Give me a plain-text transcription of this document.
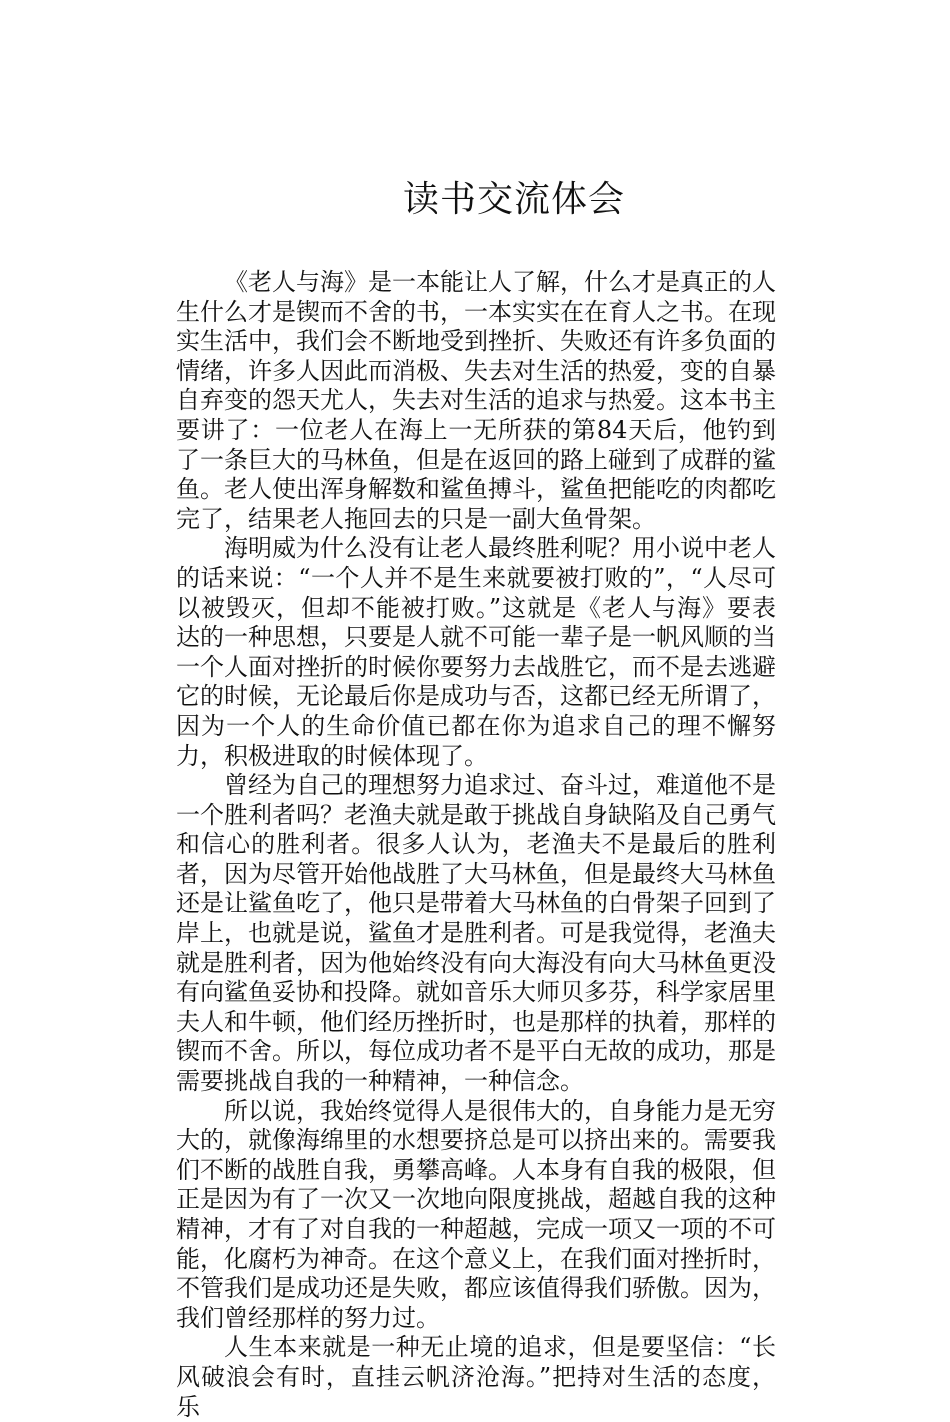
读书交流体会

《老人与海》是一本能让人了解，什么才是真正的人生什么才是锲而不舍的书，一本实实在在育人之书。在现实生活中，我们会不断地受到挫折、失败还有许多负面的情绪，许多人因此而消极、失去对生活的热爱，变的自暴自弃变的怨天尤人，失去对生活的追求与热爱。这本书主要讲了：一位老人在海上一无所获的第84天后，他钓到了一条巨大的马林鱼，但是在返回的路上碰到了成群的鲨鱼。老人使出浑身解数和鲨鱼搏斗，鲨鱼把能吃的肉都吃完了，结果老人拖回去的只是一副大鱼骨架。

海明威为什么没有让老人最终胜利呢？用小说中老人的话来说：“一个人并不是生来就要被打败的”，“人尽可以被毁灭，但却不能被打败。”这就是《老人与海》要表达的一种思想，只要是人就不可能一辈子是一帆风顺的当一个人面对挫折的时候你要努力去战胜它，而不是去逃避它的时候，无论最后你是成功与否，这都已经无所谓了，因为一个人的生命价值已都在你为追求自己的理不懈努力，积极进取的时候体现了。

曾经为自己的理想努力追求过、奋斗过，难道他不是一个胜利者吗？老渔夫就是敢于挑战自身缺陷及自己勇气和信心的胜利者。很多人认为，老渔夫不是最后的胜利者，因为尽管开始他战胜了大马林鱼，但是最终大马林鱼还是让鲨鱼吃了，他只是带着大马林鱼的白骨架子回到了岸上，也就是说，鲨鱼才是胜利者。可是我觉得，老渔夫就是胜利者，因为他始终没有向大海没有向大马林鱼更没有向鲨鱼妥协和投降。就如音乐大师贝多芬，科学家居里夫人和牛顿，他们经历挫折时，也是那样的执着，那样的锲而不舍。所以，每位成功者不是平白无故的成功，那是需要挑战自我的一种精神，一种信念。

所以说，我始终觉得人是很伟大的，自身能力是无穷大的，就像海绵里的水想要挤总是可以挤出来的。需要我们不断的战胜自我，勇攀高峰。人本身有自我的极限，但正是因为有了一次又一次地向限度挑战，超越自我的这种精神，才有了对自我的一种超越，完成一项又一项的不可能，化腐朽为神奇。在这个意义上，在我们面对挫折时，不管我们是成功还是失败，都应该值得我们骄傲。因为，我们曾经那样的努力过。

人生本来就是一种无止境的追求，但是要坚信：“长风破浪会有时，直挂云帆济沧海。”把持对生活的态度，乐
